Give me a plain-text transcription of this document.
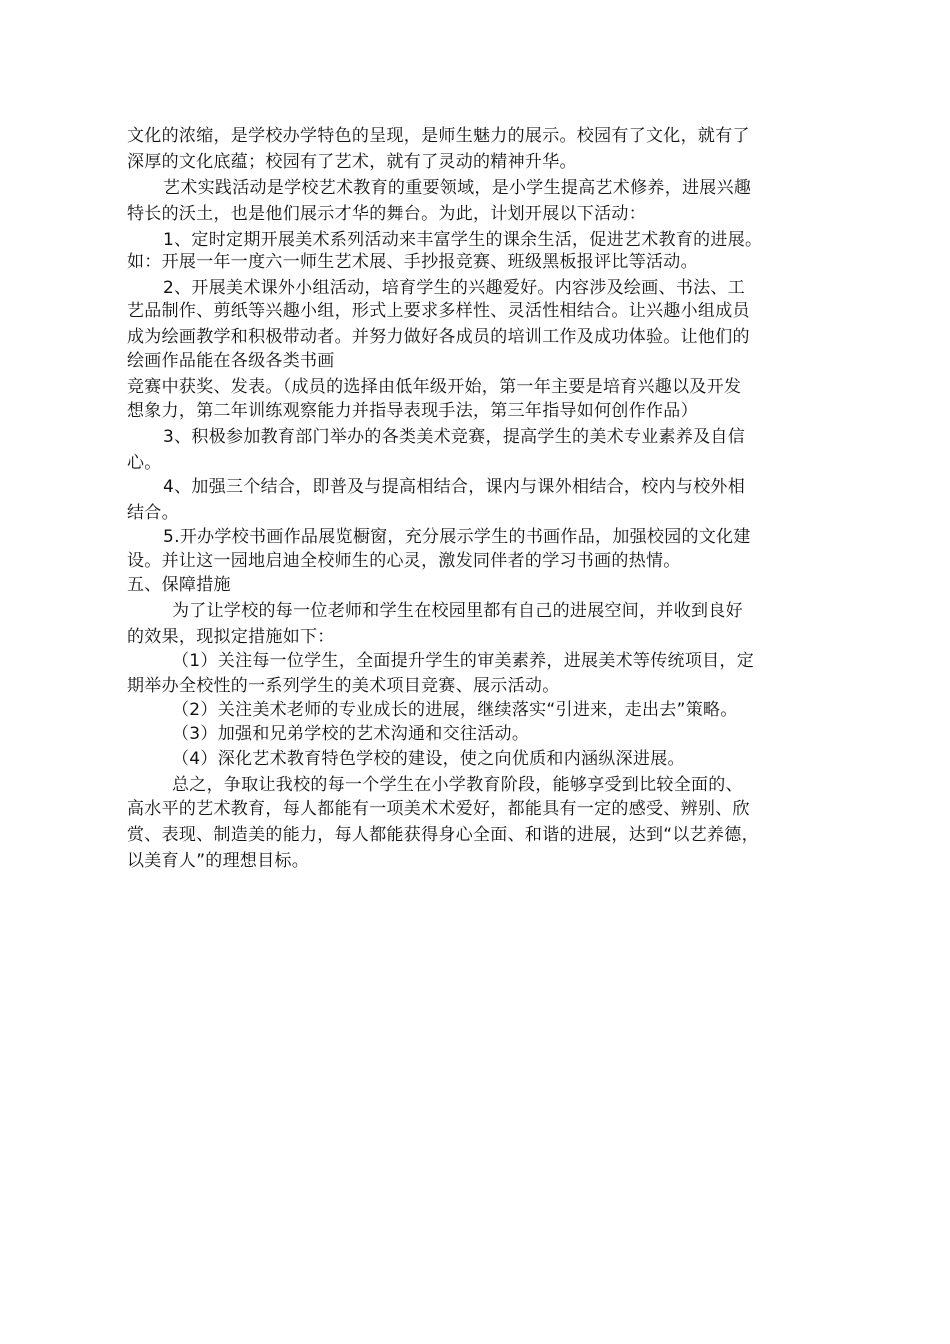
文化的浓缩，是学校办学特色的呈现，是师生魅力的展示。校园有了文化，就有了
深厚的文化底蕴；校园有了艺术，就有了灵动的精神升华。
艺术实践活动是学校艺术教育的重要领域，是小学生提高艺术修养，进展兴趣
特长的沃土，也是他们展示才华的舞台。为此，计划开展以下活动：
1、定时定期开展美术系列活动来丰富学生的课余生活，促进艺术教育的进展。
如：开展一年一度六一师生艺术展、手抄报竞赛、班级黑板报评比等活动。
2、开展美术课外小组活动，培育学生的兴趣爱好。内容涉及绘画、书法、工
艺品制作、剪纸等兴趣小组，形式上要求多样性、灵活性相结合。让兴趣小组成员
成为绘画教学和积极带动者。并努力做好各成员的培训工作及成功体验。让他们的
绘画作品能在各级各类书画
竞赛中获奖、发表。（成员的选择由低年级开始，第一年主要是培育兴趣以及开发
想象力，第二年训练观察能力并指导表现手法，第三年指导如何创作作品）
3、积极参加教育部门举办的各类美术竞赛，提高学生的美术专业素养及自信
心。
4、加强三个结合，即普及与提高相结合，课内与课外相结合，校内与校外相
结合。
5.开办学校书画作品展览橱窗，充分展示学生的书画作品，加强校园的文化建
设。并让这一园地启迪全校师生的心灵，激发同伴者的学习书画的热情。
五、保障措施
为了让学校的每一位老师和学生在校园里都有自己的进展空间，并收到良好
的效果，现拟定措施如下：
（1）关注每一位学生，全面提升学生的审美素养，进展美术等传统项目，定
期举办全校性的一系列学生的美术项目竞赛、展示活动。
（2）关注美术老师的专业成长的进展，继续落实“引进来，走出去”策略。
（3）加强和兄弟学校的艺术沟通和交往活动。
（4）深化艺术教育特色学校的建设，使之向优质和内涵纵深进展。
总之，争取让我校的每一个学生在小学教育阶段，能够享受到比较全面的、
高水平的艺术教育，每人都能有一项美术术爱好，都能具有一定的感受、辨别、欣
赏、表现、制造美的能力，每人都能获得身心全面、和谐的进展，达到“以艺养德，
以美育人”的理想目标。
